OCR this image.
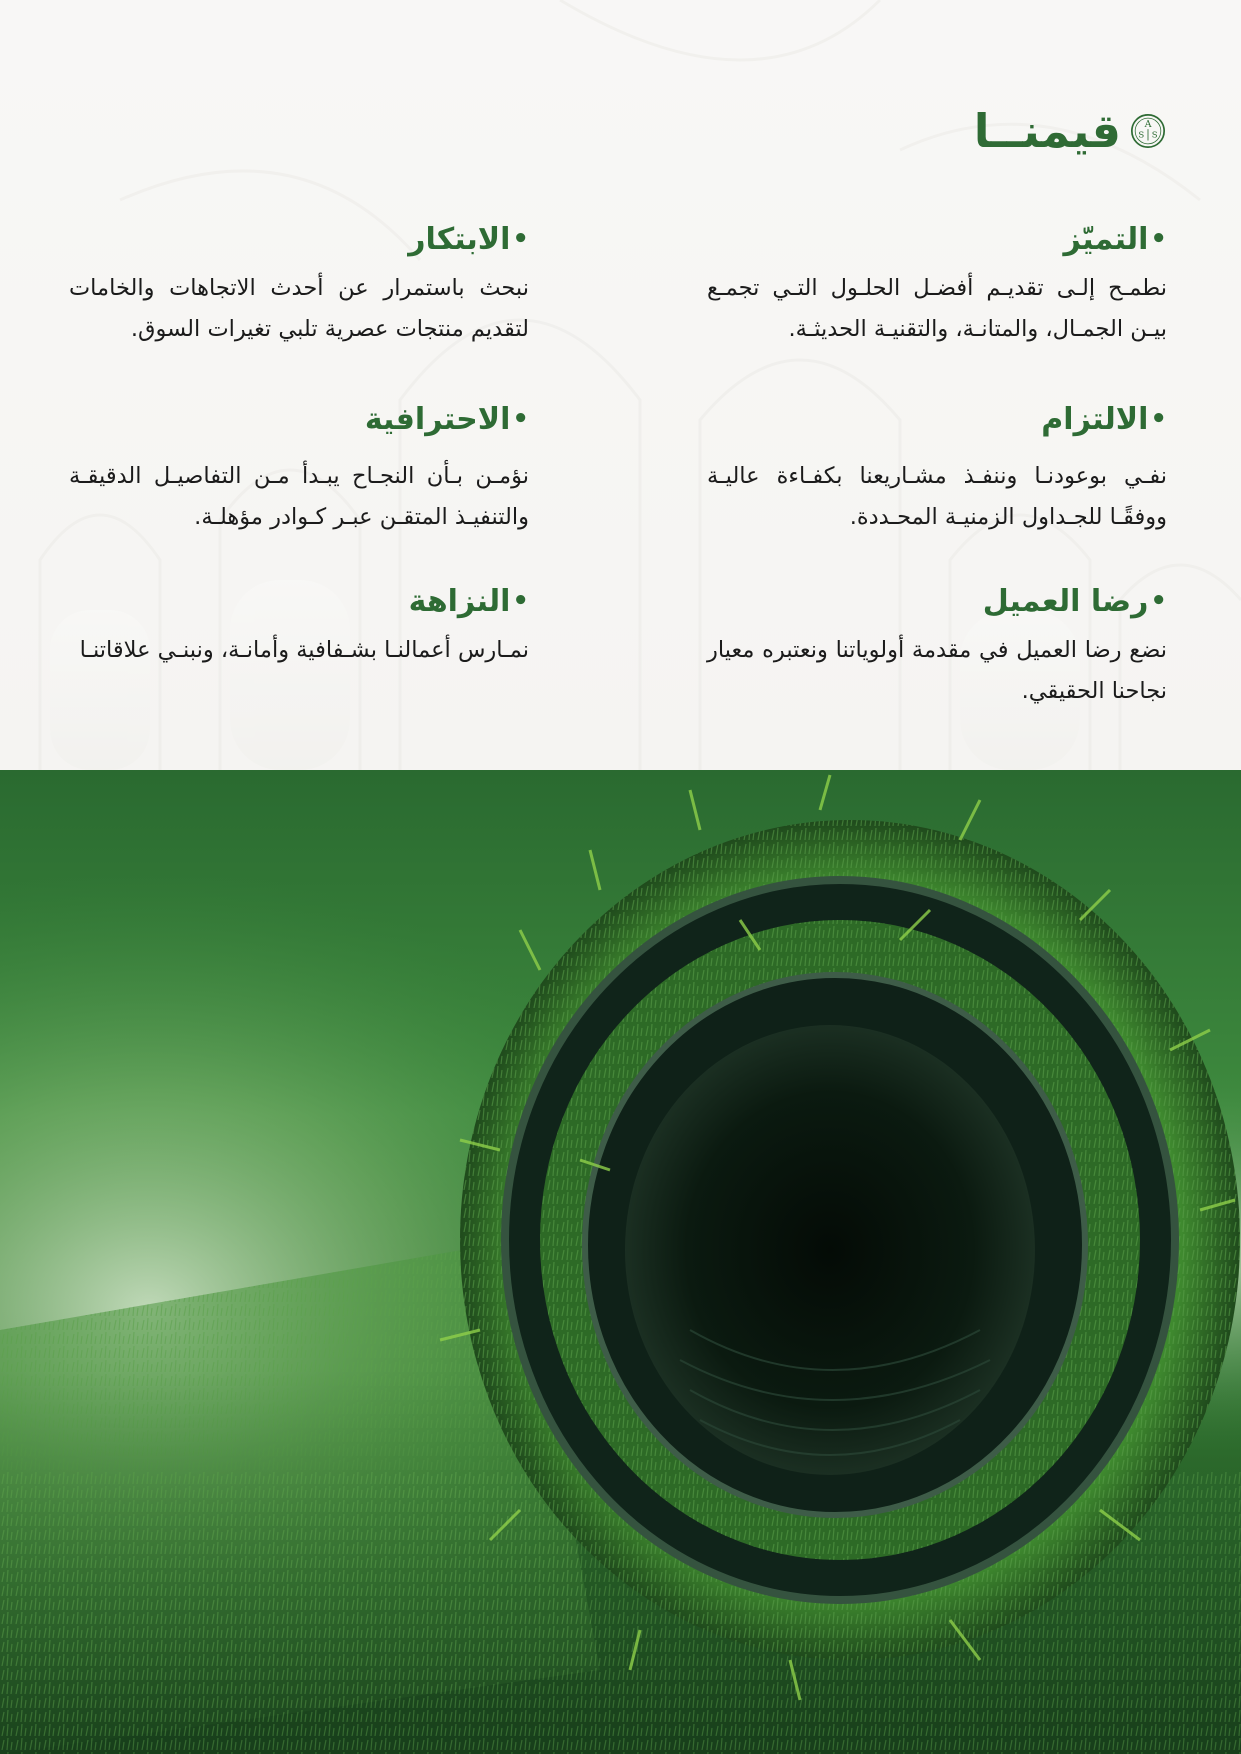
A
S S
قيمنــا
•
التميّز

نطمـح إلـى تقديـم أفضـل الحلـول التـي تجمـع بيـن الجمـال، والمتانـة، والتقنيـة الحديثـة.

•
الابتكار

نبحث باستمرار عن أحدث الاتجاهات والخامات لتقديم منتجات عصرية تلبي تغيرات السوق.

•
الالتزام

نفـي بوعودنـا وننفـذ مشـاريعنا بكفـاءة عاليـة ووفقًـا للجـداول الزمنيـة المحـددة.

•
الاحترافية

نؤمـن بـأن النجـاح يبـدأ مـن التفاصيـل الدقيقـة والتنفيـذ المتقـن عبـر كـوادر مؤهلـة.

•
رضا العميل

نضع رضا العميل في مقدمة أولوياتنا ونعتبره معيار نجاحنا الحقيقي.

•
النزاهة

نمـارس أعمالنـا بشـفافية وأمانـة، ونبنـي علاقاتنـا
